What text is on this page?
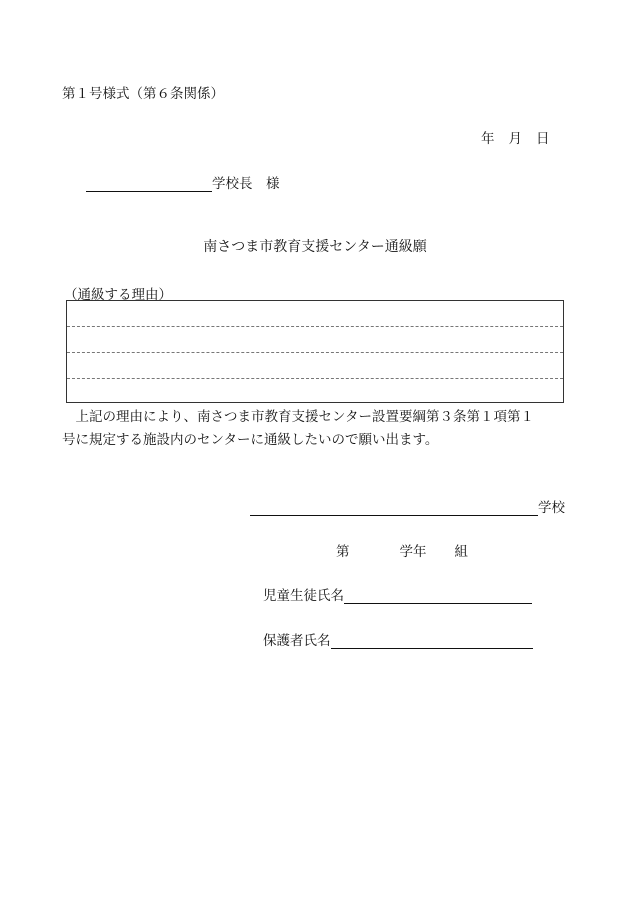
第１号様式（第６条関係）
年 月 日
学校長　様
南さつま市教育支援センター通級願
（通級する理由）

　上記の理由により、南さつま市教育支援センター設置要綱第３条第１項第１

号に規定する施設内のセンターに通級したいので願い出ます。

学校
第	学年 組
児童生徒氏名
保護者氏名
